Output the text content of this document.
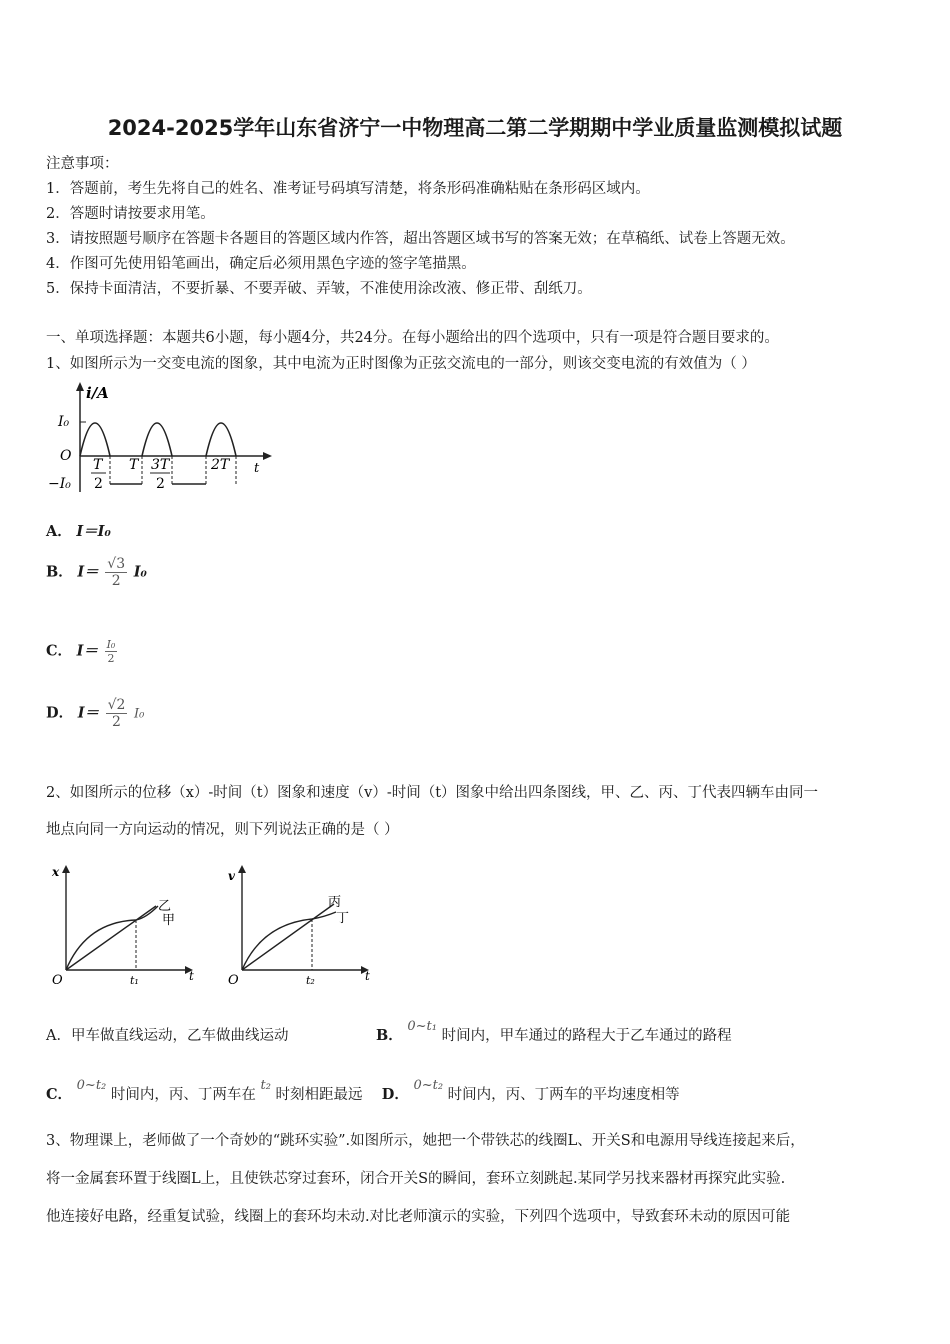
2024-2025学年山东省济宁一中物理高二第二学期期中学业质量监测模拟试题
注意事项：
1．答题前，考生先将自己的姓名、准考证号码填写清楚，将条形码准确粘贴在条形码区域内。
2．答题时请按要求用笔。
3．请按照题号顺序在答题卡各题目的答题区域内作答，超出答题区域书写的答案无效；在草稿纸、试卷上答题无效。
4．作图可先使用铅笔画出，确定后必须用黑色字迹的签字笔描黑。
5．保持卡面清洁，不要折暴、不要弄破、弄皱，不准使用涂改液、修正带、刮纸刀。
一、单项选择题：本题共6小题，每小题4分，共24分。在每小题给出的四个选项中，只有一项是符合题目要求的。
1、如图所示为一交变电流的图象，其中电流为正时图像为正弦交流电的一部分，则该交变电流的有效值为（ ）
i/A
I₀
O
−I₀
T
2
T 3T
2
2T t
A． I＝I₀
B． $I= \frac{√3}{2} I_0$
C． $I= \frac{\text{I₀}}{2}$
D． $I= \frac{√2}{2} I_0$
2、如图所示的位移（x）-时间（t）图象和速度（v）-时间（t）图象中给出四条图线，甲、乙、丙、丁代表四辆车由同一
地点向同一方向运动的情况，则下列说法正确的是（ ）
x
O	t₁	t
乙
甲
v
O	t₂	t
丙
丁
A．甲车做直线运动，乙车做曲线运动	B． 0~t₁ 时间内，甲车通过的路程大于乙车通过的路程
C． 0~t₂ 时间内，丙、丁两车在 t₂ 时刻相距最远 D． 0~t₂ 时间内，丙、丁两车的平均速度相等
3、物理课上，老师做了一个奇妙的“跳环实验”.如图所示，她把一个带铁芯的线圈L、开关S和电源用导线连接起来后，
将一金属套环置于线圈L上，且使铁芯穿过套环，闭合开关S的瞬间，套环立刻跳起.某同学另找来器材再探究此实验.
他连接好电路，经重复试验，线圈上的套环均未动.对比老师演示的实验，下列四个选项中，导致套环未动的原因可能
